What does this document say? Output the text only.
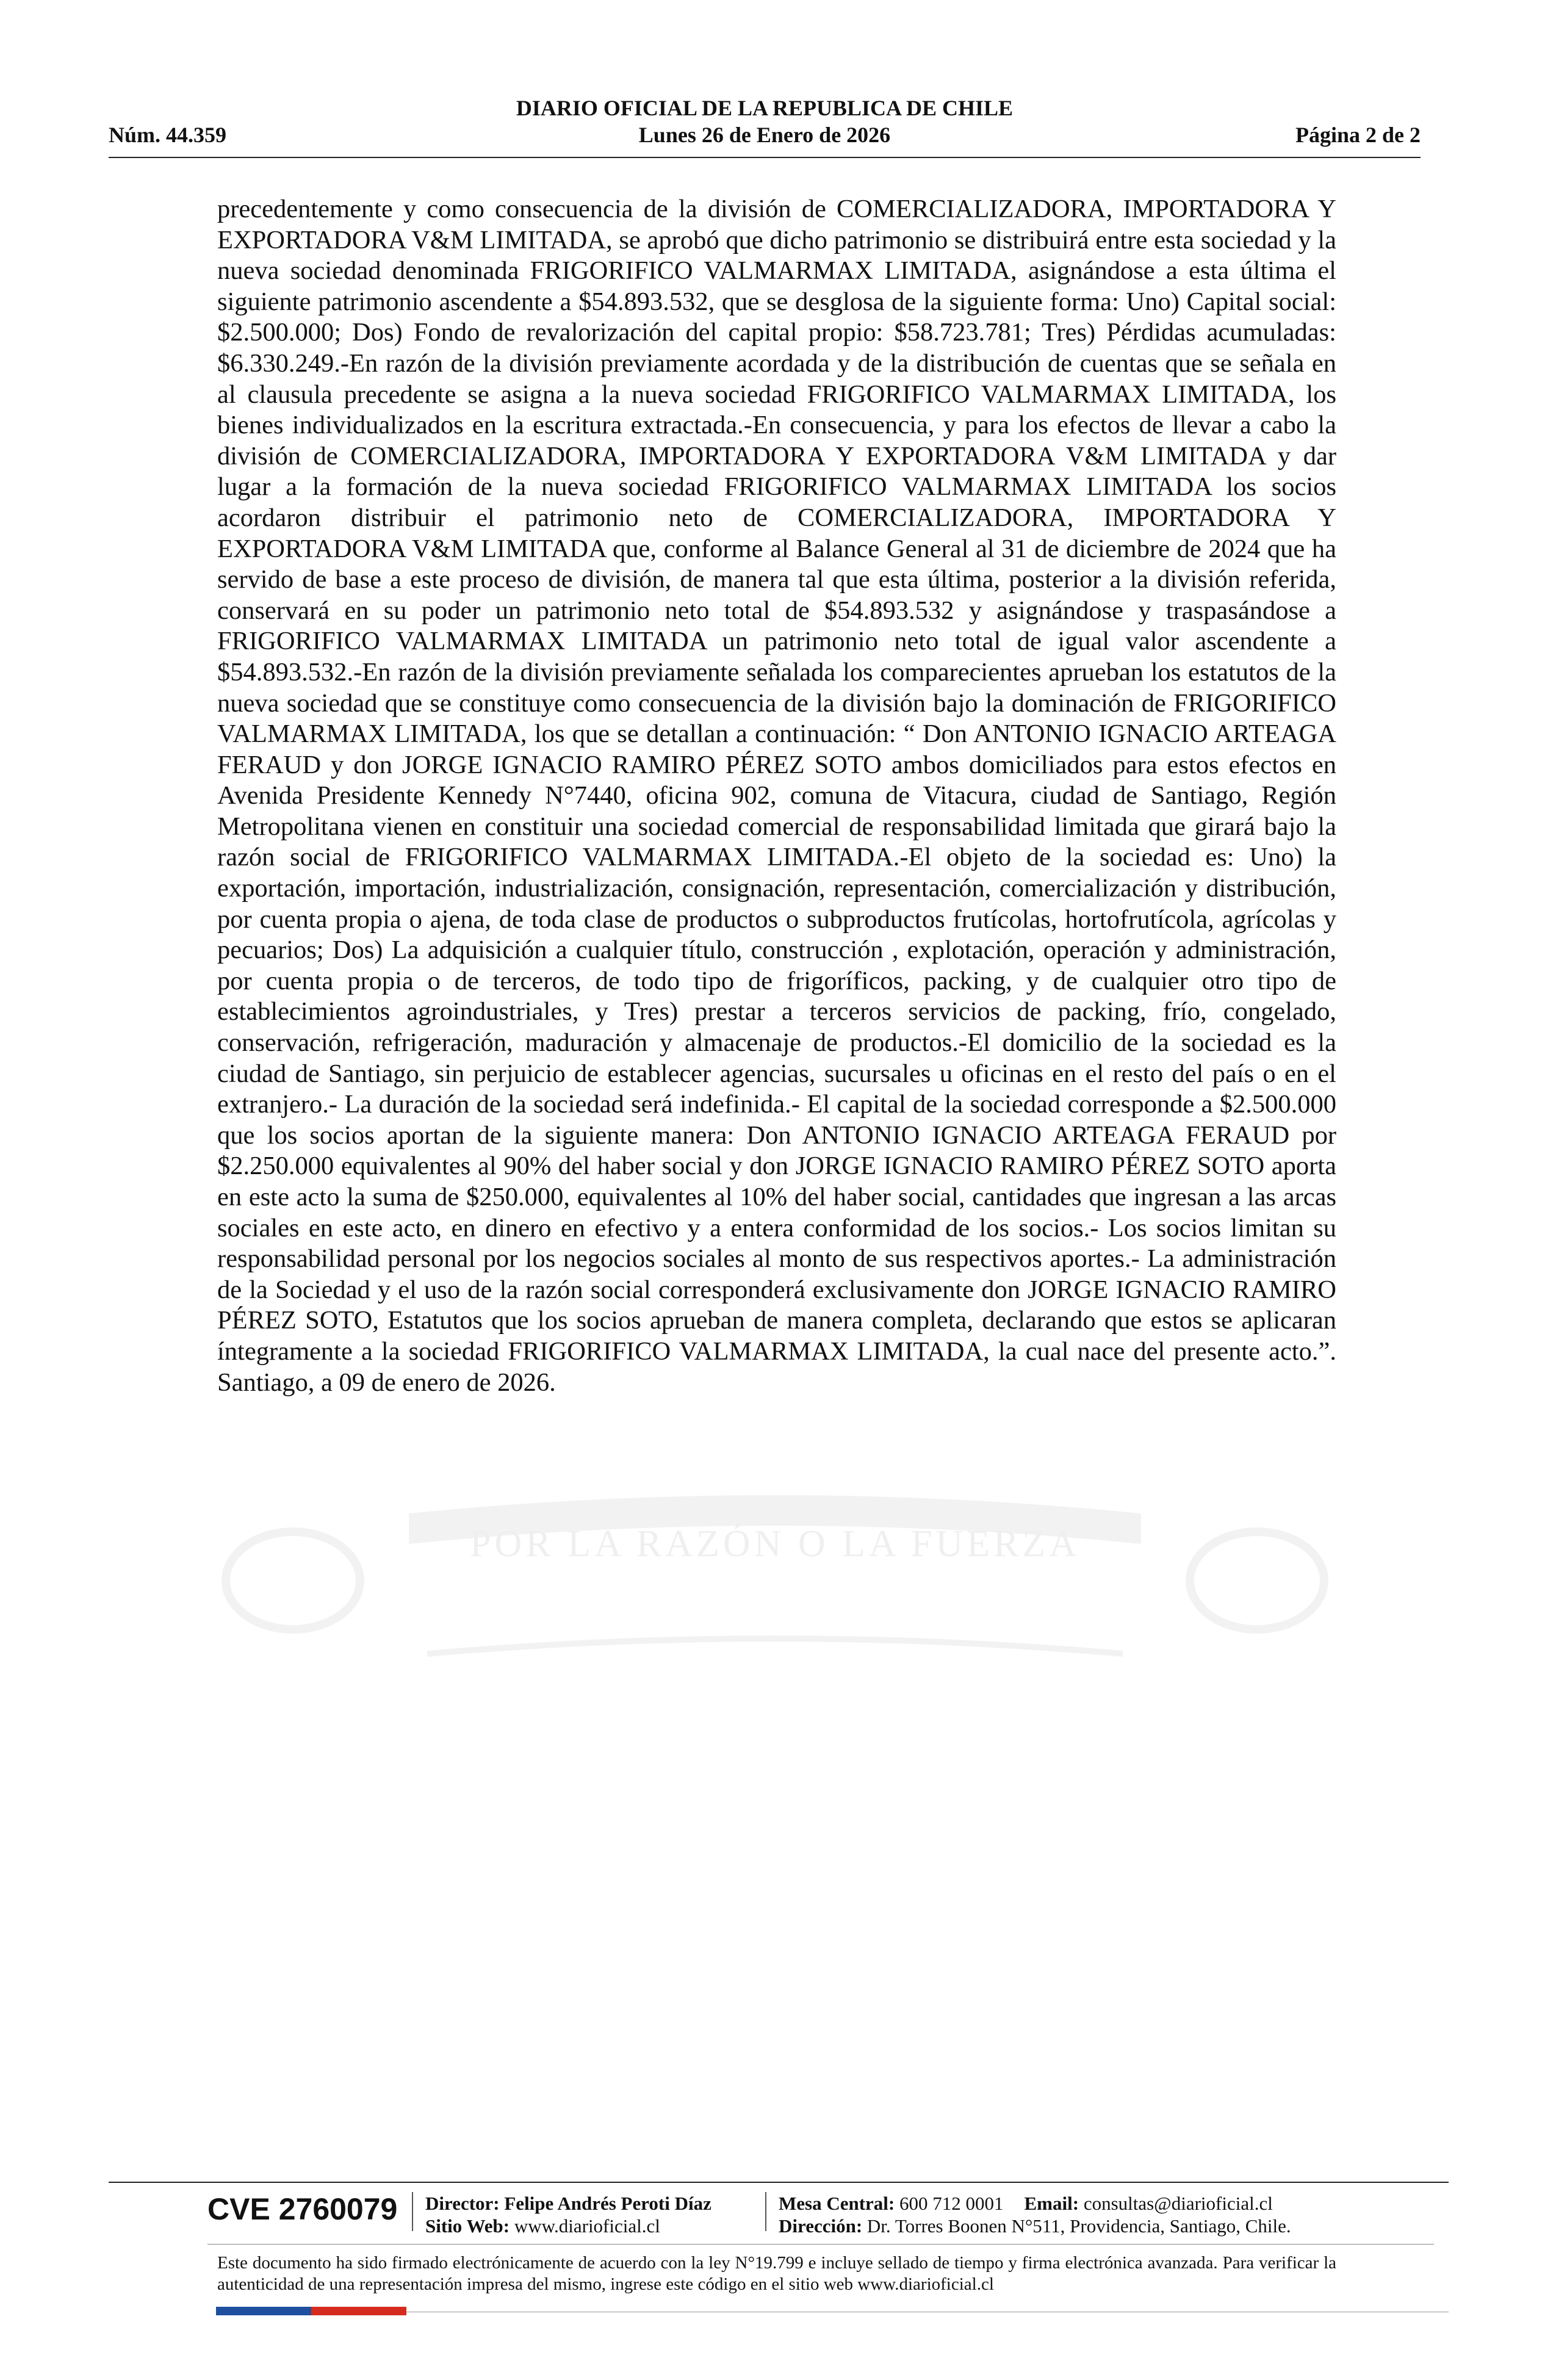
DIARIO OFICIAL DE LA REPUBLICA DE CHILE
Núm. 44.359	Lunes 26 de Enero de 2026	Página 2 de 2
POR LA RAZÓN O LA FUERZA

precedentemente y como consecuencia de la división de COMERCIALIZADORA, IMPORTADORA Y EXPORTADORA V&M LIMITADA, se aprobó que dicho patrimonio se distribuirá entre esta sociedad y la nueva sociedad denominada FRIGORIFICO VALMARMAX LIMITADA, asignándose a esta última el siguiente patrimonio ascendente a $54.893.532, que se desglosa de la siguiente forma: Uno) Capital social: $2.500.000; Dos) Fondo de revalorización del capital propio: $58.723.781; Tres) Pérdidas acumuladas: $6.330.249.-En razón de la división previamente acordada y de la distribución de cuentas que se señala en al clausula precedente se asigna a la nueva sociedad FRIGORIFICO VALMARMAX LIMITADA, los bienes individualizados en la escritura extractada.-En consecuencia, y para los efectos de llevar a cabo la división de COMERCIALIZADORA, IMPORTADORA Y EXPORTADORA V&M LIMITADA y dar lugar a la formación de la nueva sociedad FRIGORIFICO VALMARMAX LIMITADA los socios acordaron distribuir el patrimonio neto de COMERCIALIZADORA, IMPORTADORA Y EXPORTADORA V&M LIMITADA que, conforme al Balance General al 31 de diciembre de 2024 que ha servido de base a este proceso de división, de manera tal que esta última, posterior a la división referida, conservará en su poder un patrimonio neto total de $54.893.532 y asignándose y traspasándose a FRIGORIFICO VALMARMAX LIMITADA un patrimonio neto total de igual valor ascendente a $54.893.532.-En razón de la división previamente señalada los comparecientes aprueban los estatutos de la nueva sociedad que se constituye como consecuencia de la división bajo la dominación de FRIGORIFICO VALMARMAX LIMITADA, los que se detallan a continuación: “ Don ANTONIO IGNACIO ARTEAGA FERAUD y don JORGE IGNACIO RAMIRO PÉREZ SOTO ambos domiciliados para estos efectos en Avenida Presidente Kennedy N°7440, oficina 902, comuna de Vitacura, ciudad de Santiago, Región Metropolitana vienen en constituir una sociedad comercial de responsabilidad limitada que girará bajo la razón social de FRIGORIFICO VALMARMAX LIMITADA.-El objeto de la sociedad es: Uno) la exportación, importación, industrialización, consignación, representación, comercialización y distribución, por cuenta propia o ajena, de toda clase de productos o subproductos frutícolas, hortofrutícola, agrícolas y pecuarios; Dos) La adquisición a cualquier título, construcción , explotación, operación y administración, por cuenta propia o de terceros, de todo tipo de frigoríficos, packing, y de cualquier otro tipo de establecimientos agroindustriales, y Tres) prestar a terceros servicios de packing, frío, congelado, conservación, refrigeración, maduración y almacenaje de productos.-El domicilio de la sociedad es la ciudad de Santiago, sin perjuicio de establecer agencias, sucursales u oficinas en el resto del país o en el extranjero.- La duración de la sociedad será indefinida.- El capital de la sociedad corresponde a $2.500.000 que los socios aportan de la siguiente manera: Don ANTONIO IGNACIO ARTEAGA FERAUD por $2.250.000 equivalentes al 90% del haber social y don JORGE IGNACIO RAMIRO PÉREZ SOTO aporta en este acto la suma de $250.000, equivalentes al 10% del haber social, cantidades que ingresan a las arcas sociales en este acto, en dinero en efectivo y a entera conformidad de los socios.- Los socios limitan su responsabilidad personal por los negocios sociales al monto de sus respectivos aportes.- La administración de la Sociedad y el uso de la razón social corresponderá exclusivamente don JORGE IGNACIO RAMIRO PÉREZ SOTO, Estatutos que los socios aprueban de manera completa, declarando que estos se aplicaran íntegramente a la sociedad FRIGORIFICO VALMARMAX LIMITADA, la cual nace del presente acto.”. Santiago, a 09 de enero de 2026.

CVE 2760079 Director: Felipe Andrés Peroti Díaz
Sitio Web: www.diarioficial.cl
Mesa Central: 600 712 0001 Email: consultas@diarioficial.cl
Dirección: Dr. Torres Boonen N°511, Providencia, Santiago, Chile.

Este documento ha sido firmado electrónicamente de acuerdo con la ley N°19.799 e incluye sellado de tiempo y firma electrónica avanzada. Para verificar la autenticidad de una representación impresa del mismo, ingrese este código en el sitio web www.diarioficial.cl
